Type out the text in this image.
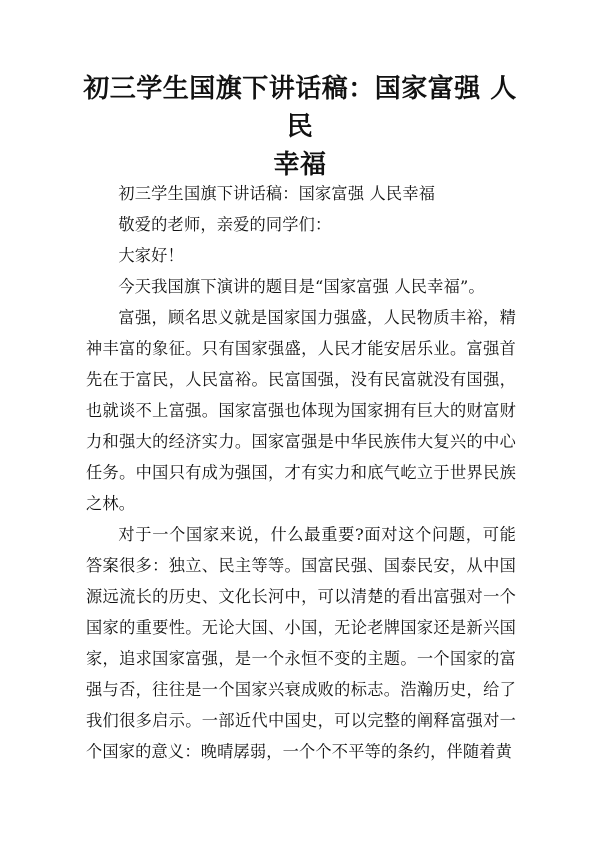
初三学生国旗下讲话稿：国家富强 人民
幸福

初三学生国旗下讲话稿：国家富强 人民幸福

敬爱的老师，亲爱的同学们：

大家好！

今天我国旗下演讲的题目是“国家富强 人民幸福”。

富强，顾名思义就是国家国力强盛，人民物质丰裕，精神丰富的象征。只有国家强盛，人民才能安居乐业。富强首先在于富民，人民富裕。民富国强，没有民富就没有国强，也就谈不上富强。国家富强也体现为国家拥有巨大的财富财力和强大的经济实力。国家富强是中华民族伟大复兴的中心任务。中国只有成为强国，才有实力和底气屹立于世界民族之林。

对于一个国家来说，什么最重要?面对这个问题，可能答案很多：独立、民主等等。国富民强、国泰民安，从中国源远流长的历史、文化长河中，可以清楚的看出富强对一个国家的重要性。无论大国、小国，无论老牌国家还是新兴国家，追求国家富强，是一个永恒不变的主题。一个国家的富强与否，往往是一个国家兴衰成败的标志。浩瀚历史，给了我们很多启示。一部近代中国史，可以完整的阐释富强对一个国家的意义：晚晴孱弱，一个个不平等的条约，伴随着黄
